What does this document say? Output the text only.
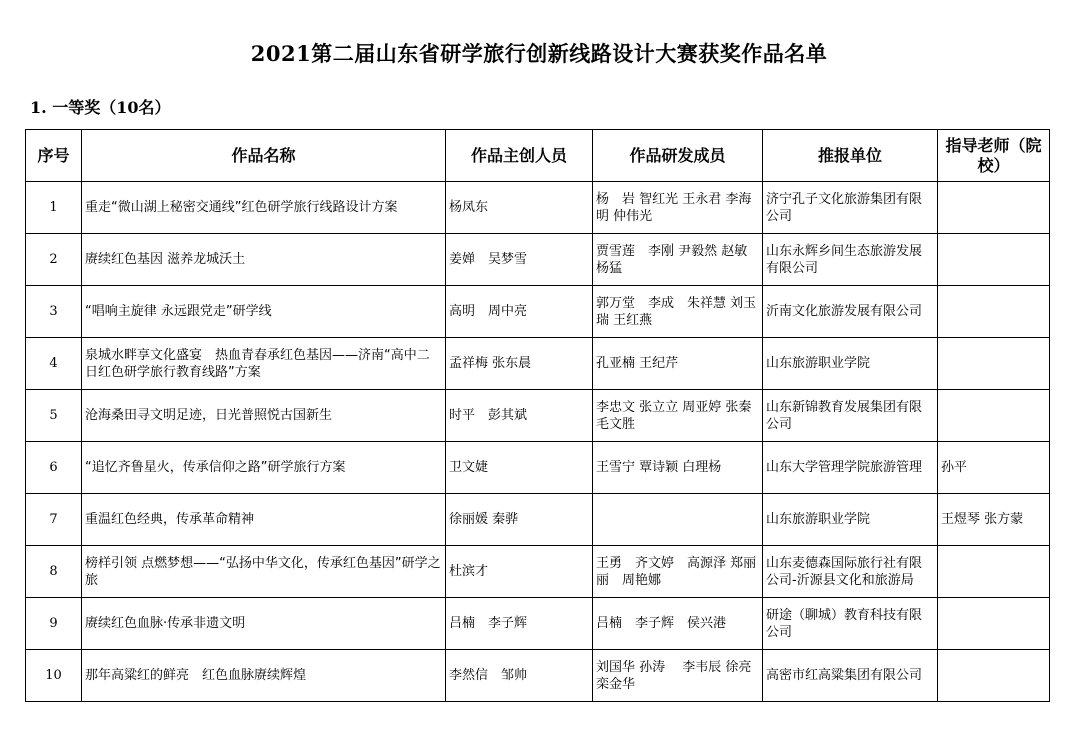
2021第二届山东省研学旅行创新线路设计大赛获奖作品名单
1. 一等奖（10名）
序号	作品名称	作品主创人员	作品研发成员	推报单位	指导老师（院校）
1	重走“微山湖上秘密交通线”红色研学旅行线路设计方案	杨凤东	杨　岩 智红光 王永君 李海明 仲伟光	济宁孔子文化旅游集团有限公司	
2	赓续红色基因 滋养龙城沃土	姜婵　吴梦雪	贾雪莲　李刚 尹毅然 赵敏　杨猛	山东永辉乡间生态旅游发展有限公司	
3	“唱响主旋律 永远跟党走”研学线	高明　周中亮	郭万堂　李成　朱祥慧 刘玉瑞 王红燕	沂南文化旅游发展有限公司	
4	泉城水畔享文化盛宴　热血青春承红色基因——济南“高中二日红色研学旅行教育线路”方案	孟祥梅 张东晨	孔亚楠 王纪芹	山东旅游职业学院	
5	沧海桑田寻文明足迹，日光普照悦古国新生	时平　彭其斌	李忠文 张立立 周亚婷 张秦　 毛文胜	山东新锦教育发展集团有限公司	
6	“追忆齐鲁星火，传承信仰之路”研学旅行方案	卫文婕	王雪宁 覃诗颖 白理杨	山东大学管理学院旅游管理	孙平
7	重温红色经典，传承革命精神	徐丽媛 秦骅		山东旅游职业学院	王煜琴 张方蒙
8	榜样引领 点燃梦想——“弘扬中华文化，传承红色基因”研学之旅	杜滨才	王勇　齐文婷　高源泽 郑丽丽　周艳娜	山东麦德森国际旅行社有限公司-沂源县文化和旅游局	
9	赓续红色血脉·传承非遗文明	吕楠　李子辉	吕楠　李子辉　侯兴港	研途（聊城）教育科技有限公司	
10	那年高粱红的鲜亮　红色血脉赓续辉煌	李然信　邹帅	刘国华 孙涛　 李韦辰 徐亮　 栾金华	高密市红高粱集团有限公司	
